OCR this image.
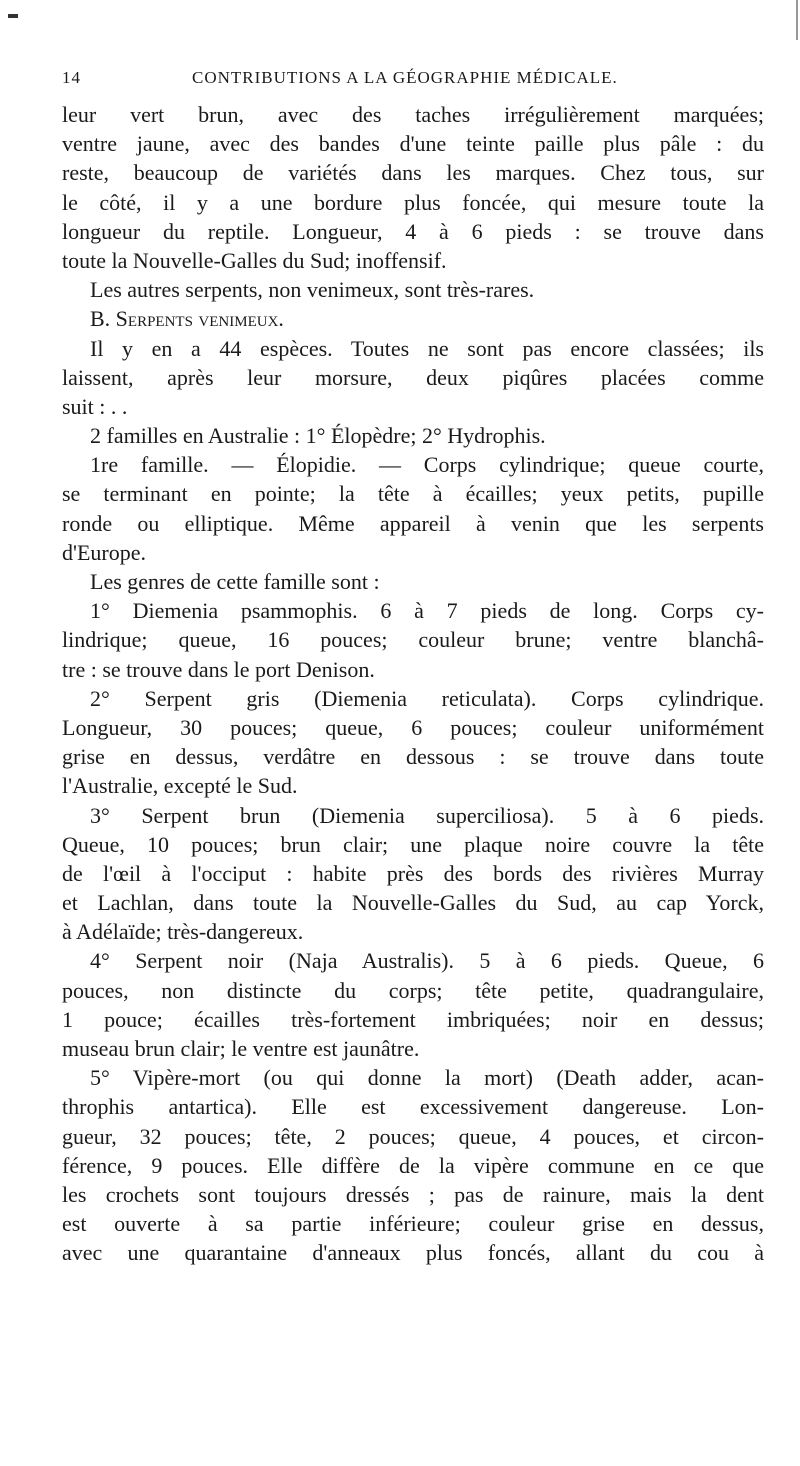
14	CONTRIBUTIONS A LA GÉOGRAPHIE MÉDICALE.
leur vert brun, avec des taches irrégulièrement marquées;
ventre jaune, avec des bandes d'une teinte paille plus pâle : du
reste, beaucoup de variétés dans les marques. Chez tous, sur
le côté, il y a une bordure plus foncée, qui mesure toute la
longueur du reptile. Longueur, 4 à 6 pieds : se trouve dans
toute la Nouvelle-Galles du Sud; inoffensif.
Les autres serpents, non venimeux, sont très-rares.
B. Serpents venimeux.
Il y en a 44 espèces. Toutes ne sont pas encore classées; ils
laissent, après leur morsure, deux piqûres placées comme
suit : . .
2 familles en Australie : 1° Élopèdre; 2° Hydrophis.
1re famille. — Élopidie. — Corps cylindrique; queue courte,
se terminant en pointe; la tête à écailles; yeux petits, pupille
ronde ou elliptique. Même appareil à venin que les serpents
d'Europe.
Les genres de cette famille sont :
1° Diemenia psammophis. 6 à 7 pieds de long. Corps cy-
lindrique; queue, 16 pouces; couleur brune; ventre blanchâ-
tre : se trouve dans le port Denison.
2° Serpent gris (Diemenia reticulata). Corps cylindrique.
Longueur, 30 pouces; queue, 6 pouces; couleur uniformément
grise en dessus, verdâtre en dessous : se trouve dans toute
l'Australie, excepté le Sud.
3° Serpent brun (Diemenia superciliosa). 5 à 6 pieds.
Queue, 10 pouces; brun clair; une plaque noire couvre la tête
de l'œil à l'occiput : habite près des bords des rivières Murray
et Lachlan, dans toute la Nouvelle-Galles du Sud, au cap Yorck,
à Adélaïde; très-dangereux.
4° Serpent noir (Naja Australis). 5 à 6 pieds. Queue, 6
pouces, non distincte du corps; tête petite, quadrangulaire,
1 pouce; écailles très-fortement imbriquées; noir en dessus;
museau brun clair; le ventre est jaunâtre.
5° Vipère-mort (ou qui donne la mort) (Death adder, acan-
throphis antartica). Elle est excessivement dangereuse. Lon-
gueur, 32 pouces; tête, 2 pouces; queue, 4 pouces, et circon-
férence, 9 pouces. Elle diffère de la vipère commune en ce que
les crochets sont toujours dressés ; pas de rainure, mais la dent
est ouverte à sa partie inférieure; couleur grise en dessus,
avec une quarantaine d'anneaux plus foncés, allant du cou à
